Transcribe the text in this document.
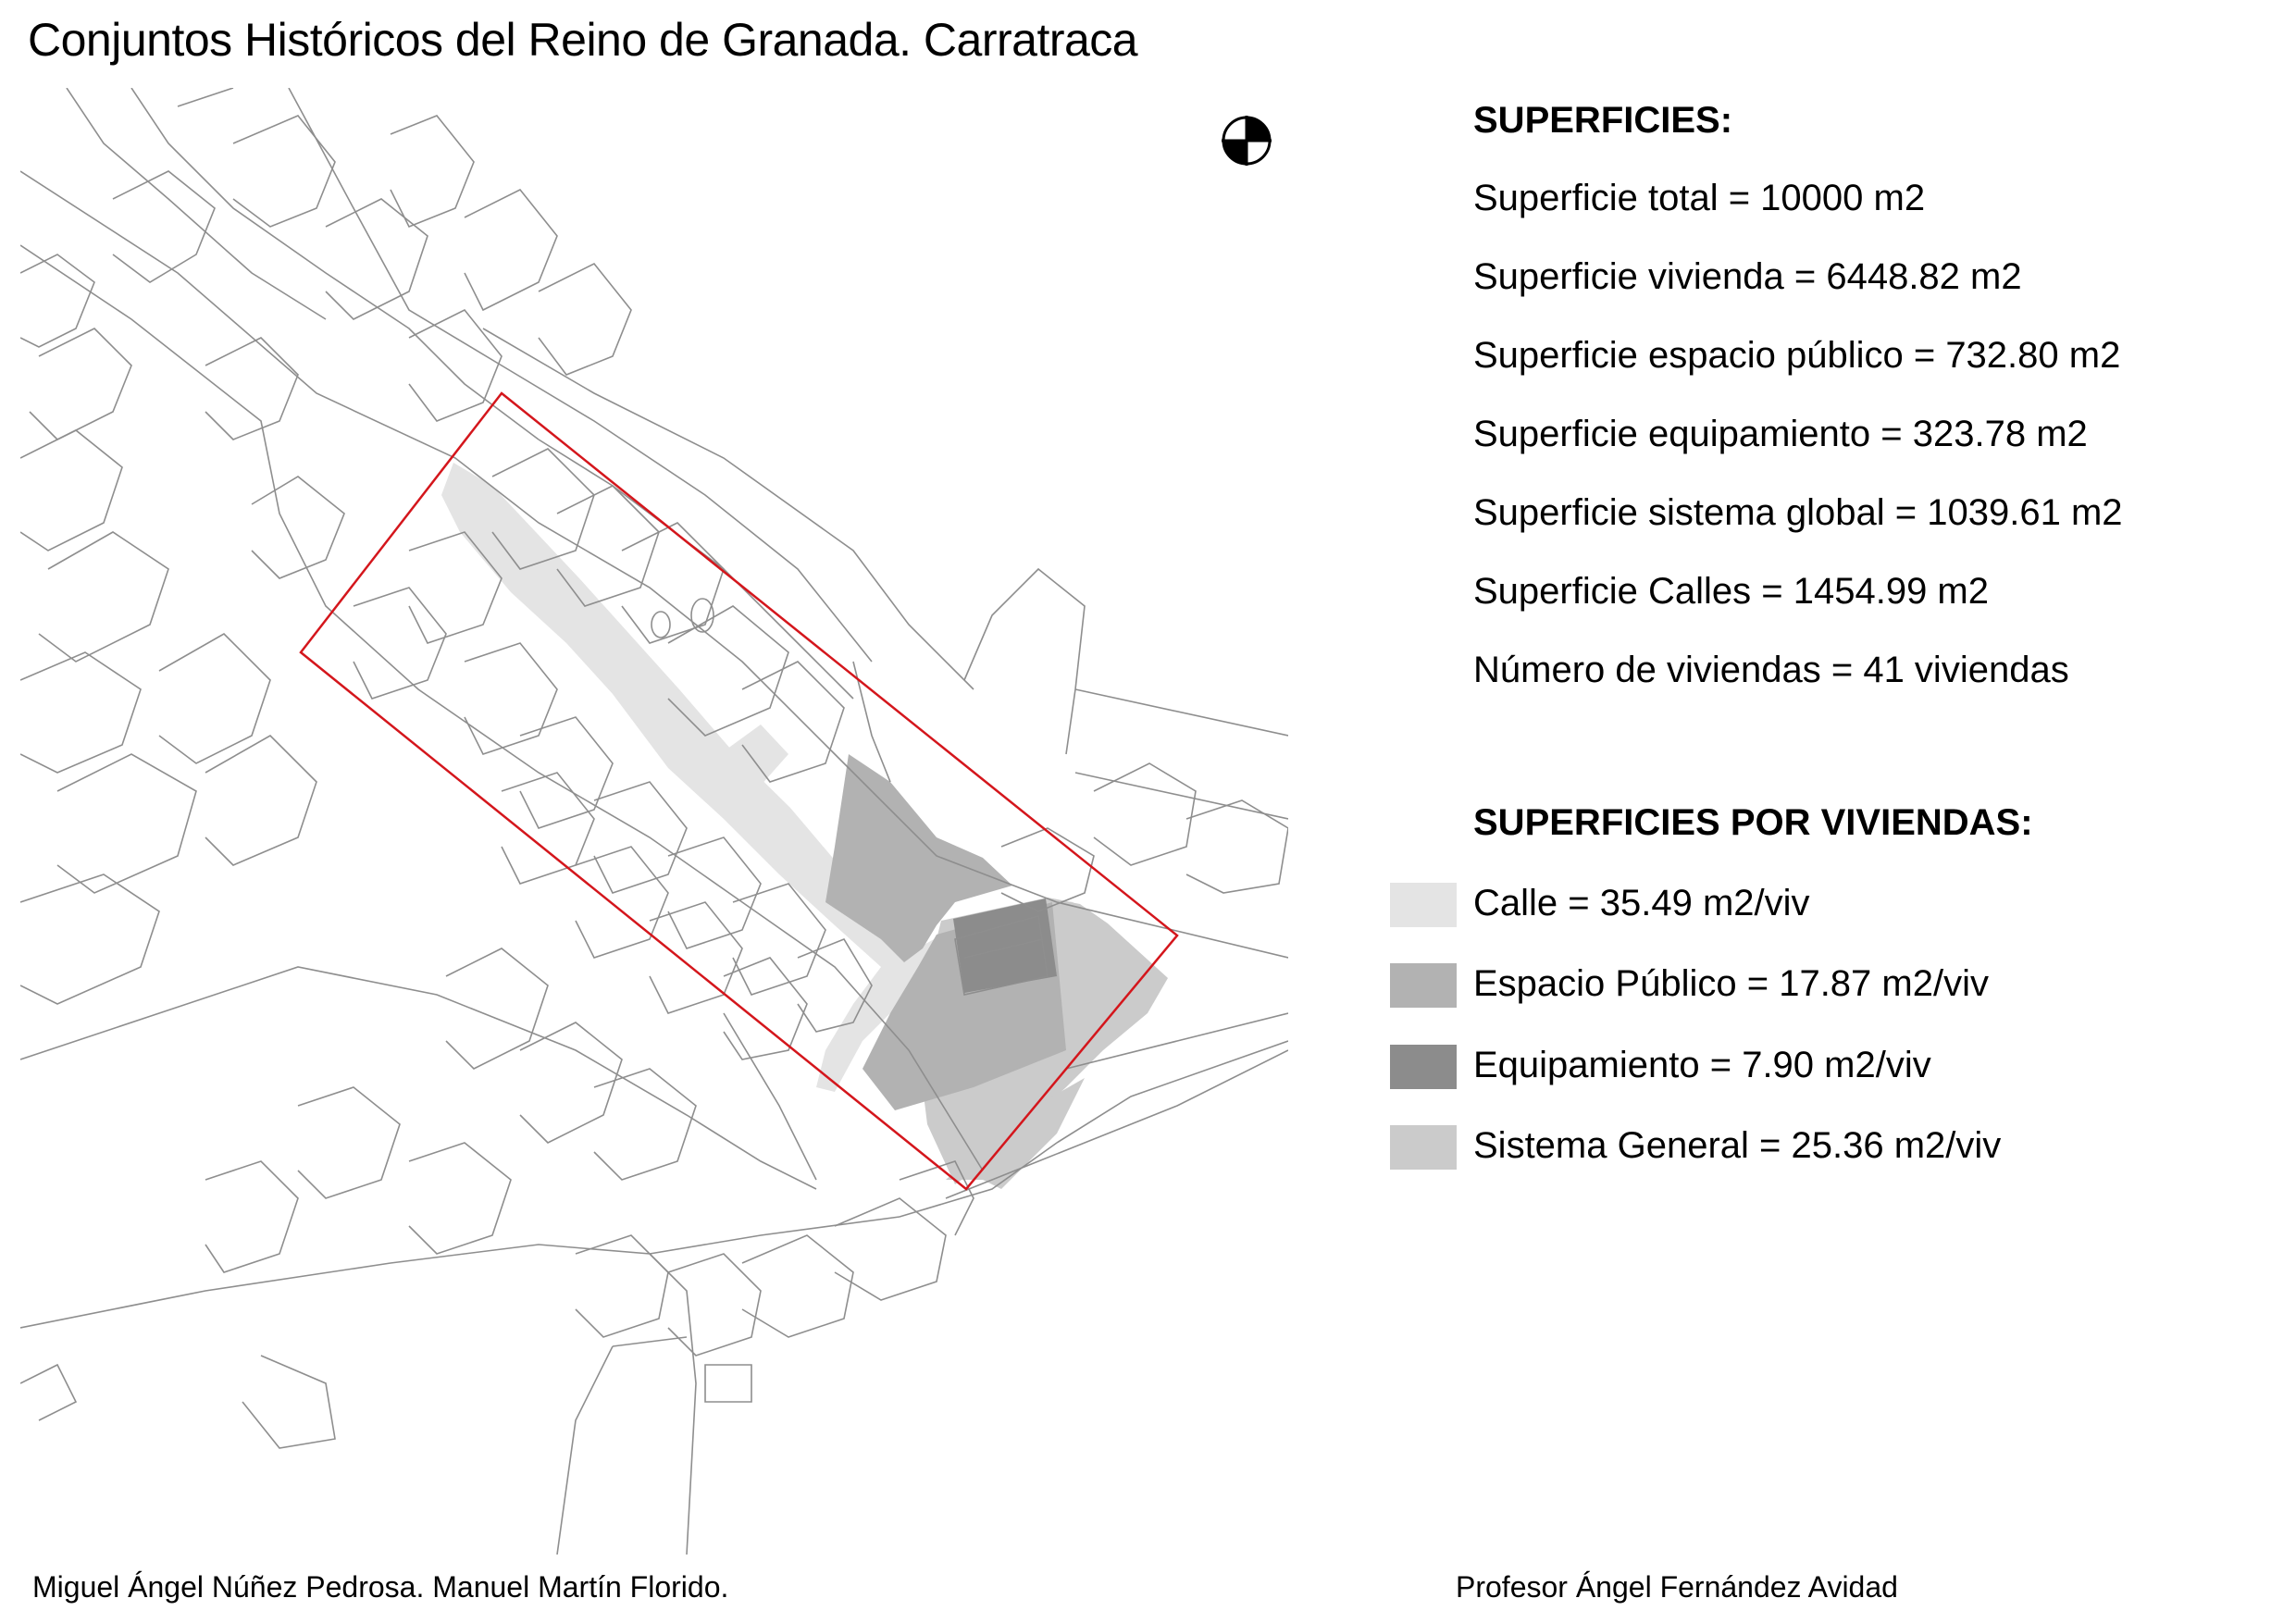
Conjuntos Históricos del Reino de Granada. Carratraca
SUPERFICIES:
Superficie total = 10000 m2
Superficie vivienda = 6448.82 m2
Superficie espacio público = 732.80 m2
Superficie equipamiento = 323.78 m2
Superficie sistema global = 1039.61 m2
Superficie Calles = 1454.99 m2
Número de viviendas = 41 viviendas
SUPERFICIES POR VIVIENDAS:
Calle = 35.49 m2/viv
Espacio Público = 17.87 m2/viv
Equipamiento = 7.90 m2/viv
Sistema General = 25.36 m2/viv
Miguel Ángel Núñez Pedrosa. Manuel Martín Florido.	Profesor Ángel Fernández Avidad
